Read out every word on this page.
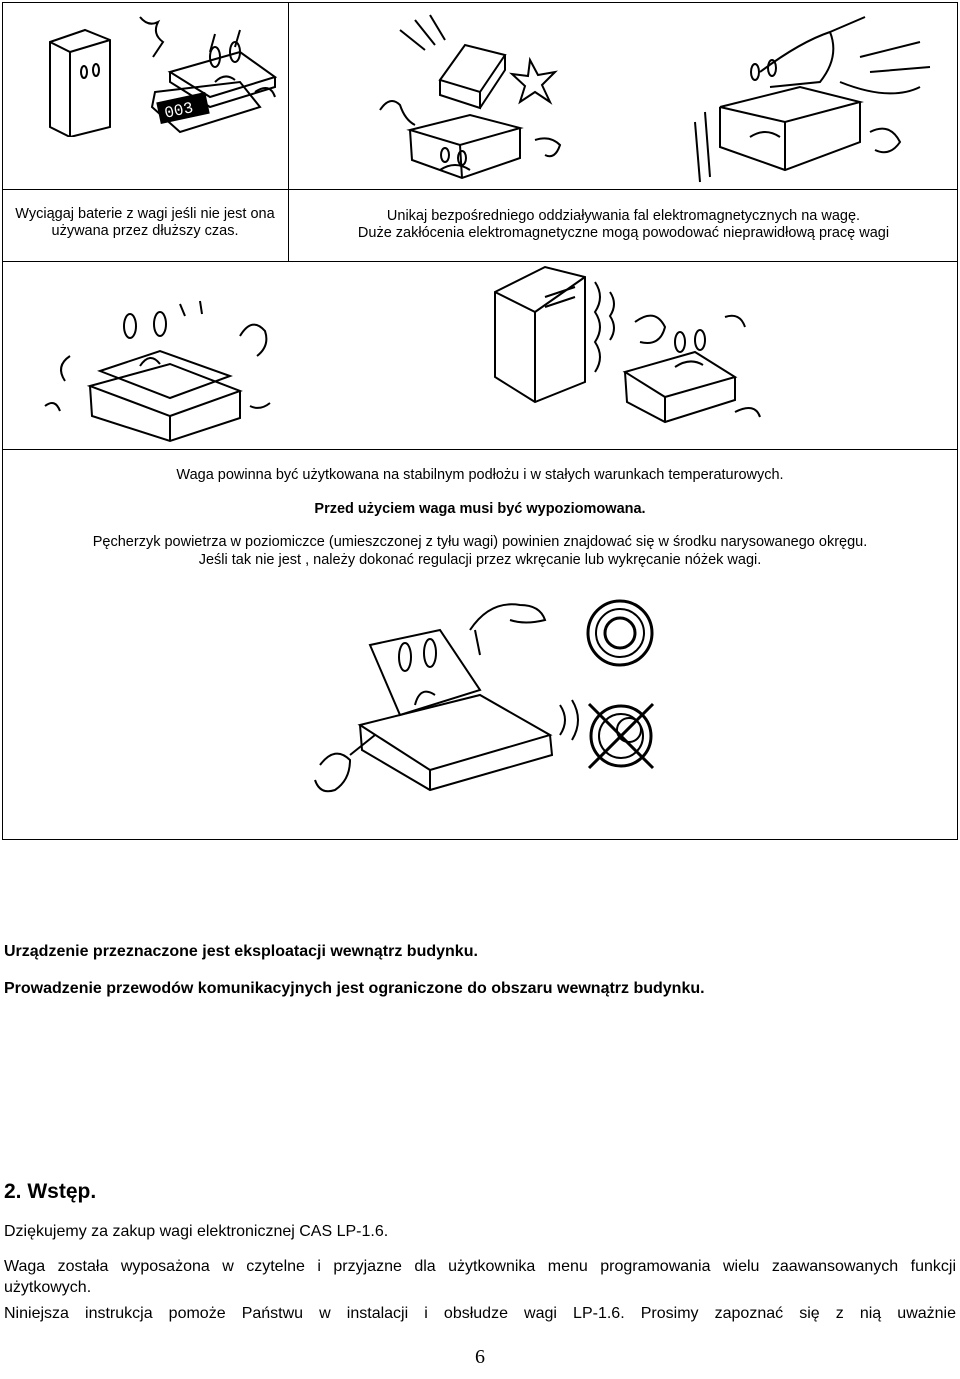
003
Wyciągaj baterie z wagi jeśli nie jest ona
używana przez dłuższy czas.
Unikaj bezpośredniego oddziaływania fal elektromagnetycznych na wagę.
Duże zakłócenia elektromagnetyczne mogą powodować nieprawidłową pracę wagi
Waga powinna być użytkowana na stabilnym podłożu i w stałych warunkach temperaturowych.
Przed użyciem waga musi być wypoziomowana.
Pęcherzyk powietrza w poziomiczce (umieszczonej z tyłu wagi) powinien znajdować się w środku narysowanego okręgu.
Jeśli tak nie jest , należy dokonać regulacji przez wkręcanie lub wykręcanie nóżek wagi.
Urządzenie przeznaczone jest eksploatacji wewnątrz budynku.
Prowadzenie przewodów komunikacyjnych jest ograniczone do obszaru wewnątrz budynku.
2. Wstęp.
Dziękujemy za zakup wagi elektronicznej CAS LP-1.6.
Waga została wyposażona w czytelne i przyjazne dla użytkownika menu programowania wielu zaawansowanych funkcji
użytkowych.
Niniejsza instrukcja pomoże Państwu w instalacji i obsłudze wagi LP-1.6. Prosimy zapoznać się z nią uważnie
6
